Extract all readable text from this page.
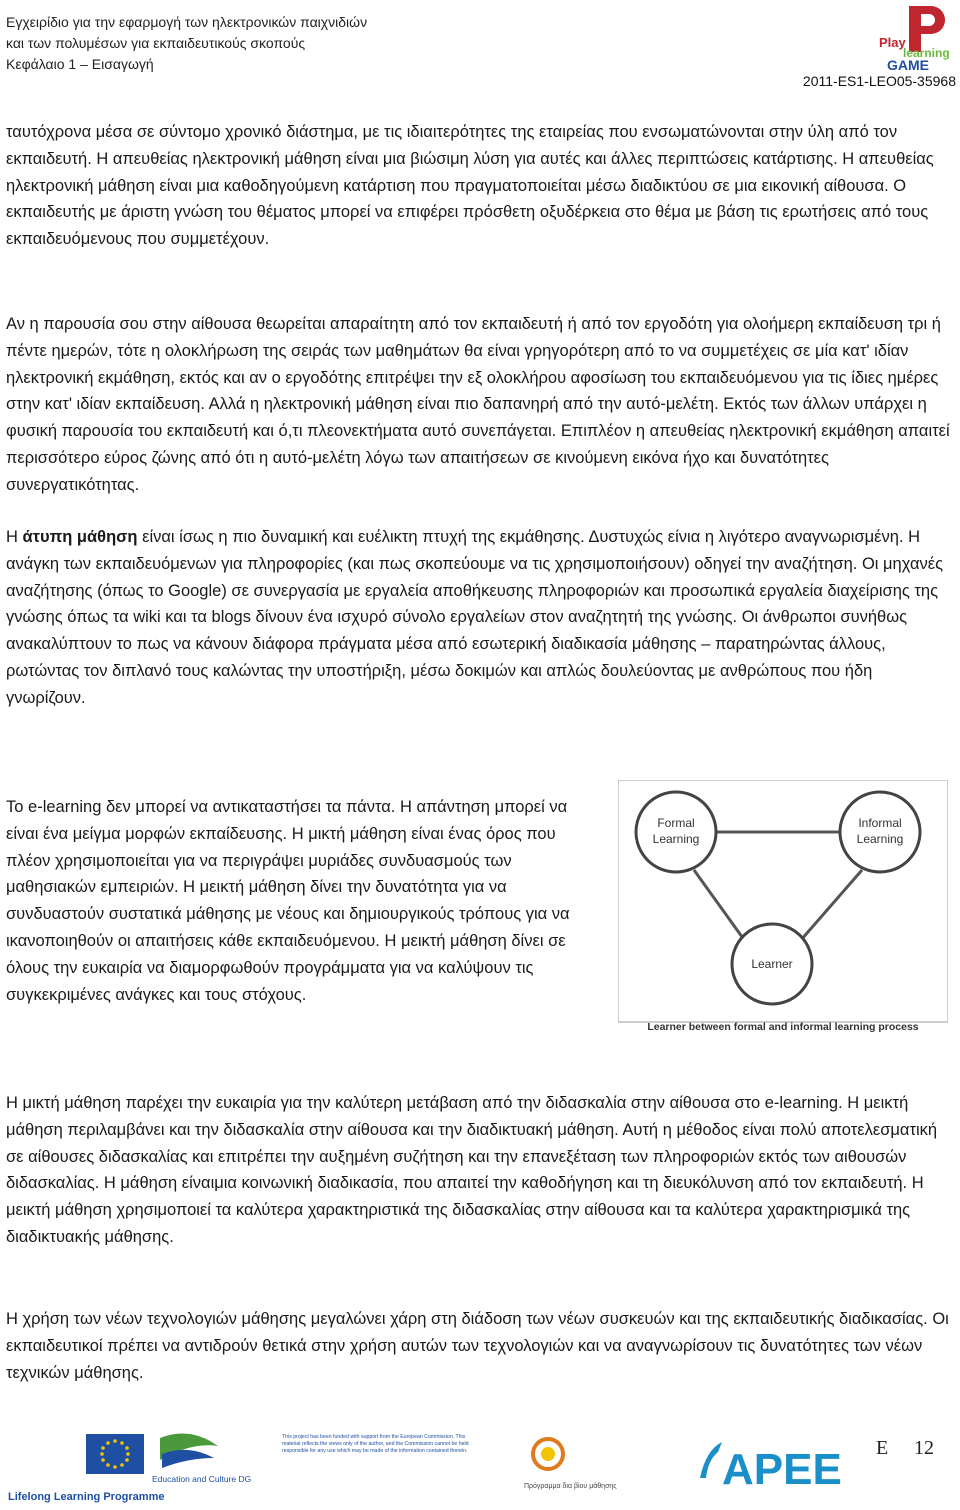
Εγχειρίδιο για την εφαρμογή των ηλεκτρονικών παιχνιδιών
και των πολυμέσων για εκπαιδευτικούς σκοπούς
Κεφάλαιο 1 – Εισαγωγή
Play
learning
GAME
2011-ES1-LEO05-35968

ταυτόχρονα μέσα σε σύντομο χρονικό διάστημα, με τις ιδιαιτερότητες της εταιρείας που ενσωματώνονται στην ύλη από τον εκπαιδευτή. Η απευθείας ηλεκτρονική μάθηση είναι μια βιώσιμη λύση για αυτές και άλλες περιπτώσεις κατάρτισης. Η απευθείας ηλεκτρονική μάθηση είναι μια καθοδηγούμενη κατάρτιση που πραγματοποιείται μέσω διαδικτύου σε μια εικονική αίθουσα. Ο εκπαιδευτής με άριστη γνώση του θέματος μπορεί να επιφέρει πρόσθετη οξυδέρκεια στο θέμα με βάση τις ερωτήσεις από τους εκπαιδευόμενους που συμμετέχουν.

Αν η παρουσία σου στην αίθουσα θεωρείται απαραίτητη από τον εκπαιδευτή ή από τον εργοδότη για ολοήμερη εκπαίδευση τρι ή πέντε ημερών, τότε η ολοκλήρωση της σειράς των μαθημάτων θα είναι γρηγορότερη από το να συμμετέχεις σε μία κατ' ιδίαν ηλεκτρονική εκμάθηση, εκτός και αν ο εργοδότης επιτρέψει την εξ ολοκλήρου αφοσίωση του εκπαιδευόμενου για τις ίδιες ημέρες στην κατ' ιδίαν εκπαίδευση. Αλλά η ηλεκτρονική μάθηση είναι πιο δαπανηρή από την αυτό-μελέτη. Εκτός των άλλων υπάρχει η φυσική παρουσία του εκπαιδευτή και ό,τι πλεονεκτήματα αυτό συνεπάγεται. Επιπλέον η απευθείας ηλεκτρονική εκμάθηση απαιτεί περισσότερο εύρος ζώνης από ότι η αυτό-μελέτη λόγω των απαιτήσεων σε κινούμενη εικόνα ήχο και δυνατότητες συνεργατικότητας.

Η άτυπη μάθηση είναι ίσως η πιο δυναμική και ευέλικτη πτυχή της εκμάθησης. Δυστυχώς είνια η λιγότερο αναγνωρισμένη. Η ανάγκη των εκπαιδευόμενων για πληροφορίες (και πως σκοπεύουμε να τις χρησιμοποιήσουν) οδηγεί την αναζήτηση. Οι μηχανές αναζήτησης (όπως το Google) σε συνεργασία με εργαλεία αποθήκευσης πληροφοριών και προσωπικά εργαλεία διαχείρισης της γνώσης όπως τα wiki και τα blogs δίνουν ένα ισχυρό σύνολο εργαλείων στον αναζητητή της γνώσης. Οι άνθρωποι συνήθως ανακαλύπτουν το πως να κάνουν διάφορα πράγματα μέσα από εσωτερική διαδικασία μάθησης – παρατηρώντας άλλους, ρωτώντας τον διπλανό τους καλώντας την υποστήριξη, μέσω δοκιμών και απλώς δουλεύοντας με ανθρώπους που ήδη γνωρίζουν.

Το e-learning δεν μπορεί να αντικαταστήσει τα πάντα. Η απάντηση μπορεί να είναι ένα μείγμα μορφών εκπαίδευσης. Η μικτή μάθηση είναι ένας όρος που πλέον χρησιμοποιείται για να περιγράψει μυριάδες συνδυασμούς των μαθησιακών εμπειριών. Η μεικτή μάθηση δίνει την δυνατότητα για να συνδυαστούν συστατικά μάθησης με νέους και δημιουργικούς τρόπους για να ικανοποιηθούν οι απαιτήσεις κάθε εκπαιδευόμενου. Η μεικτή μάθηση δίνει σε όλους την ευκαιρία να διαμορφωθούν προγράμματα για να καλύψουν τις συγκεκριμένες ανάγκες και τους στόχους.

Formal
Learning
Informal
Learning
Learner
Learner between formal and informal learning process

Η μικτή μάθηση παρέχει την ευκαιρία για την καλύτερη μετάβαση από την διδασκαλία στην αίθουσα στο e-learning. Η μεικτή μάθηση περιλαμβάνει και την διδασκαλία στην αίθουσα και την διαδικτυακή μάθηση. Αυτή η μέθοδος είναι πολύ αποτελεσματική σε αίθουσες διδασκαλίας και επιτρέπει την αυξημένη συζήτηση και την επανεξέταση των πληροφοριών εκτός των αιθουσών διδασκαλίας. Η μάθηση είναιμια κοινωνική διαδικασία, που απαιτεί την καθοδήγηση και τη διευκόλυνση από τον εκπαιδευτή. Η μεικτή μάθηση χρησιμοποιεί τα καλύτερα χαρακτηριστικά της διδασκαλίας στην αίθουσα και τα καλύτερα χαρακτηρισμικά της διαδικτυακής μάθησης.

Η χρήση των νέων τεχνολογιών μάθησης μεγαλώνει χάρη στη διάδοση των νέων συσκευών και της εκπαιδευτικής διαδικασίας. Οι εκπαιδευτικοί πρέπει να αντιδρούν θετικά στην χρήση αυτών των τεχνολογιών και να αναγνωρίσουν τις δυνατότητες των νέων τεχνικών μάθησης.

Lifelong Learning Programme
Education and Culture DG
This project has been funded with support from the European Commission. This material reflects the views only of the author, and the Commission cannot be held responsible for any use which may be made of the information contained therein.
Πρόγραμμα δια βίου μάθησης APEE E 12
